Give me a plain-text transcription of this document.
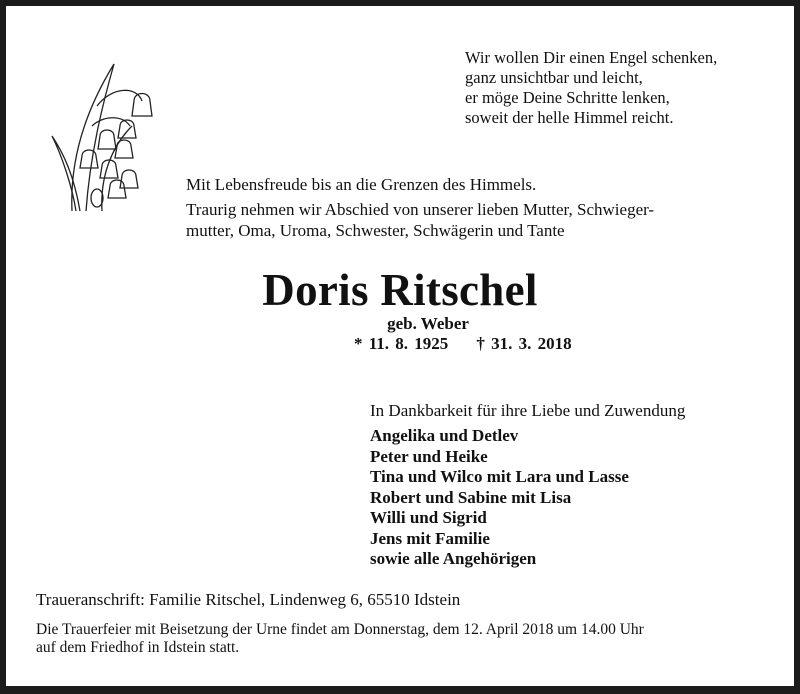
Wir wollen Dir einen Engel schenken,
ganz unsichtbar und leicht,
er möge Deine Schritte lenken,
soweit der helle Himmel reicht.
Mit Lebensfreude bis an die Grenzen des Himmels.
Traurig nehmen wir Abschied von unserer lieben Mutter, Schwieger-
mutter, Oma, Uroma, Schwester, Schwägerin und Tante
Doris Ritschel
geb. Weber
* 11. 8. 1925 † 31. 3. 2018
In Dankbarkeit für ihre Liebe und Zuwendung
Angelika und Detlev
Peter und Heike
Tina und Wilco mit Lara und Lasse
Robert und Sabine mit Lisa
Willi und Sigrid
Jens mit Familie
sowie alle Angehörigen
Traueranschrift: Familie Ritschel, Lindenweg 6, 65510 Idstein
Die Trauerfeier mit Beisetzung der Urne findet am Donnerstag, dem 12. April 2018 um 14.00 Uhr
auf dem Friedhof in Idstein statt.
